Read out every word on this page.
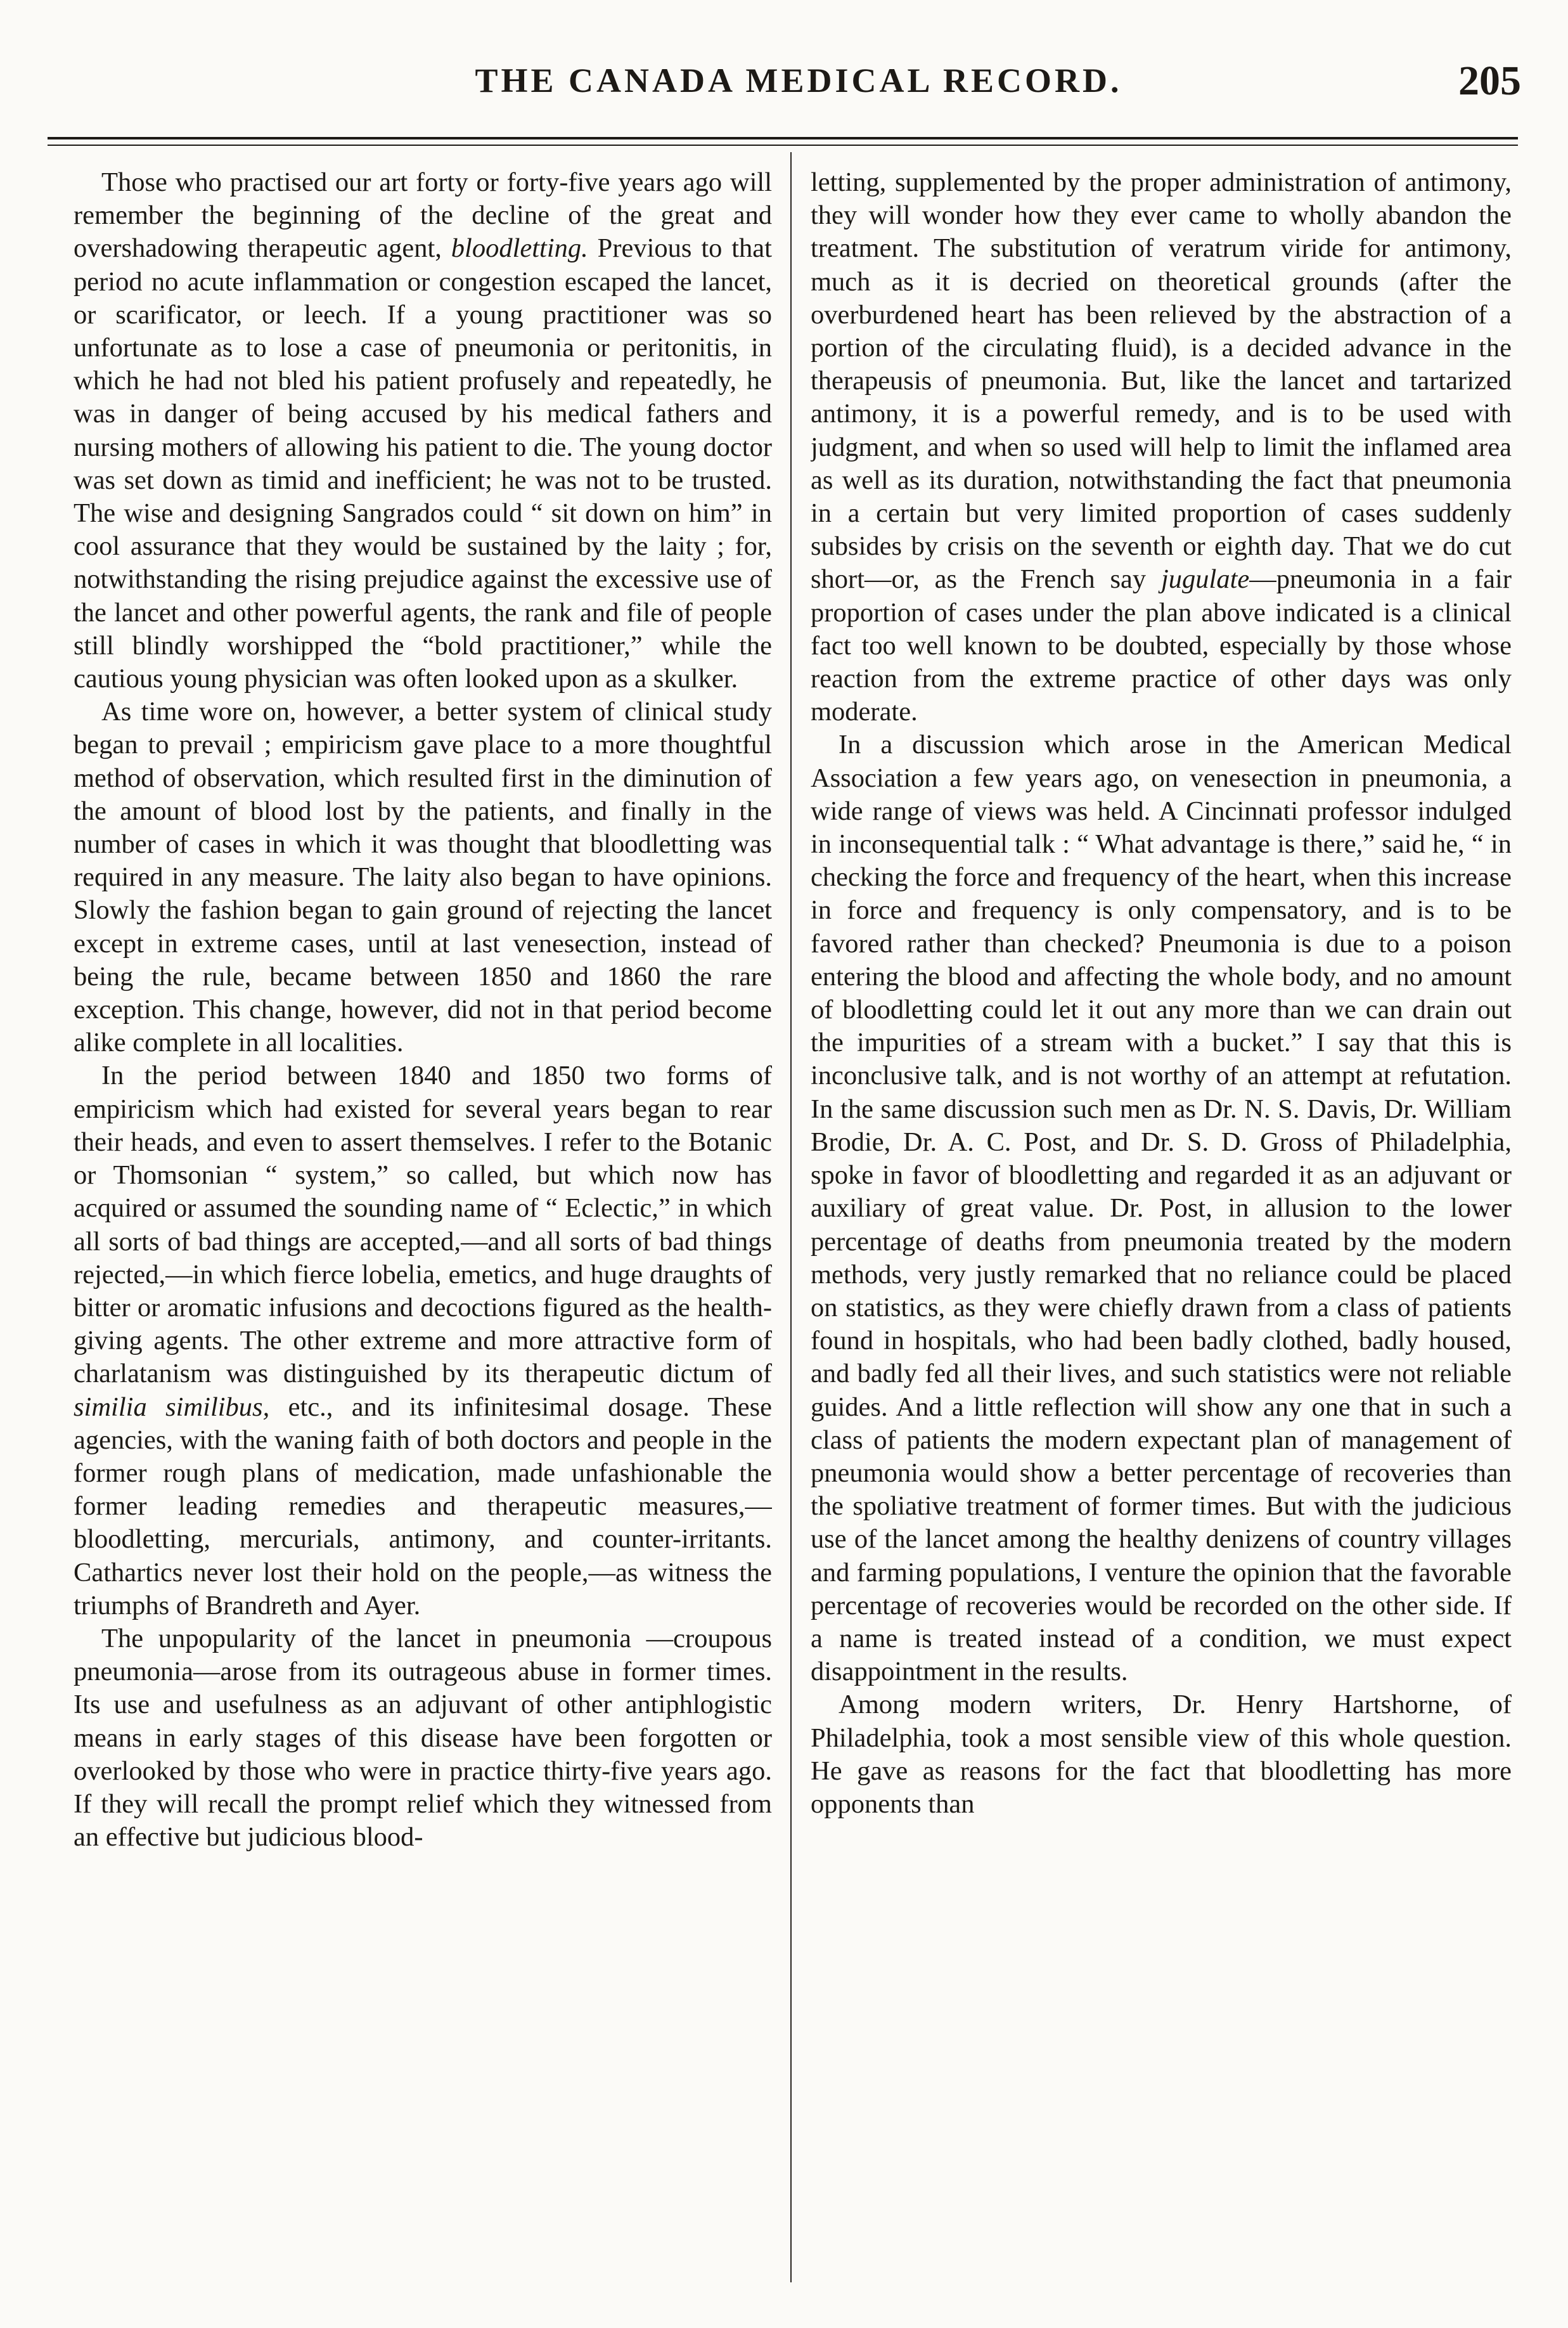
THE CANADA MEDICAL RECORD.	205

Those who practised our art forty or forty-five years ago will remember the beginning of the decline of the great and overshadowing therapeutic agent, bloodletting. Previous to that period no acute inflammation or congestion escaped the lancet, or scarificator, or leech. If a young practitioner was so unfortunate as to lose a case of pneumonia or peritonitis, in which he had not bled his patient profusely and repeatedly, he was in danger of being accused by his medical fathers and nursing mothers of allowing his patient to die. The young doctor was set down as timid and inefficient; he was not to be trusted. The wise and designing Sangrados could “ sit down on him” in cool assurance that they would be sustained by the laity ; for, notwithstanding the rising prejudice against the excessive use of the lancet and other powerful agents, the rank and file of people still blindly worshipped the “bold practitioner,” while the cautious young physician was often looked upon as a skulker.

As time wore on, however, a better system of clinical study began to prevail ; empiricism gave place to a more thoughtful method of observation, which resulted first in the diminution of the amount of blood lost by the patients, and finally in the number of cases in which it was thought that bloodletting was required in any measure. The laity also began to have opinions. Slowly the fashion began to gain ground of rejecting the lancet except in extreme cases, until at last venesection, instead of being the rule, became between 1850 and 1860 the rare exception. This change, however, did not in that period become alike complete in all localities.

In the period between 1840 and 1850 two forms of empiricism which had existed for several years began to rear their heads, and even to assert themselves. I refer to the Botanic or Thomsonian “ system,” so called, but which now has acquired or assumed the sounding name of “ Eclectic,” in which all sorts of bad things are accepted,—and all sorts of bad things rejected,—in which fierce lobelia, emetics, and huge draughts of bitter or aromatic infusions and decoctions figured as the health-giving agents. The other extreme and more attractive form of charlatanism was distinguished by its therapeutic dictum of similia similibus, etc., and its infinitesimal dosage. These agencies, with the waning faith of both doctors and people in the former rough plans of medication, made unfashionable the former leading remedies and therapeutic measures,—bloodletting, mercurials, antimony, and counter-irritants. Cathartics never lost their hold on the people,—as witness the triumphs of Brandreth and Ayer.

The unpopularity of the lancet in pneumonia —croupous pneumonia—arose from its outrageous abuse in former times. Its use and usefulness as an adjuvant of other antiphlogistic means in early stages of this disease have been forgotten or overlooked by those who were in practice thirty-five years ago. If they will recall the prompt relief which they witnessed from an effective but judicious blood-

letting, supplemented by the proper administration of antimony, they will wonder how they ever came to wholly abandon the treatment. The substitution of veratrum viride for antimony, much as it is decried on theoretical grounds (after the overburdened heart has been relieved by the abstraction of a portion of the circulating fluid), is a decided advance in the therapeusis of pneumonia. But, like the lancet and tartarized antimony, it is a powerful remedy, and is to be used with judgment, and when so used will help to limit the inflamed area as well as its duration, notwithstanding the fact that pneumonia in a certain but very limited proportion of cases suddenly subsides by crisis on the seventh or eighth day. That we do cut short—or, as the French say jugulate—pneumonia in a fair proportion of cases under the plan above indicated is a clinical fact too well known to be doubted, especially by those whose reaction from the extreme practice of other days was only moderate.

In a discussion which arose in the American Medical Association a few years ago, on venesection in pneumonia, a wide range of views was held. A Cincinnati professor indulged in inconsequential talk : “ What advantage is there,” said he, “ in checking the force and frequency of the heart, when this increase in force and frequency is only compensatory, and is to be favored rather than checked? Pneumonia is due to a poison entering the blood and affecting the whole body, and no amount of bloodletting could let it out any more than we can drain out the impurities of a stream with a bucket.” I say that this is inconclusive talk, and is not worthy of an attempt at refutation. In the same discussion such men as Dr. N. S. Davis, Dr. William Brodie, Dr. A. C. Post, and Dr. S. D. Gross of Philadelphia, spoke in favor of bloodletting and regarded it as an adjuvant or auxiliary of great value. Dr. Post, in allusion to the lower percentage of deaths from pneumonia treated by the modern methods, very justly remarked that no reliance could be placed on statistics, as they were chiefly drawn from a class of patients found in hospitals, who had been badly clothed, badly housed, and badly fed all their lives, and such statistics were not reliable guides. And a little reflection will show any one that in such a class of patients the modern expectant plan of management of pneumonia would show a better percentage of recoveries than the spoliative treatment of former times. But with the judicious use of the lancet among the healthy denizens of country villages and farming populations, I venture the opinion that the favorable percentage of recoveries would be recorded on the other side. If a name is treated instead of a condition, we must expect disappointment in the results.

Among modern writers, Dr. Henry Hartshorne, of Philadelphia, took a most sensible view of this whole question. He gave as reasons for the fact that bloodletting has more opponents than
